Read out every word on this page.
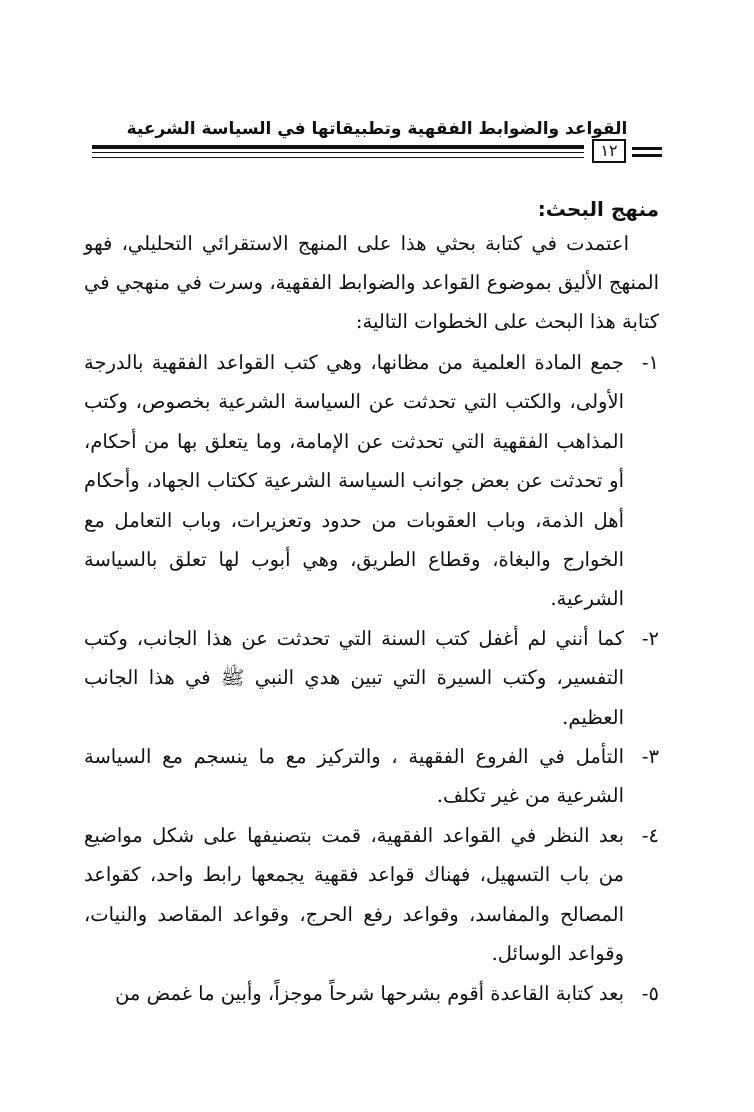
القواعد والضوابط الفقهية وتطبيقاتها في السياسة الشرعية
١٢
منهج البحث:

اعتمدت في كتابة بحثي هذا على المنهج الاستقرائي التحليلي، فهو المنهج الأليق بموضوع القواعد والضوابط الفقهية، وسرت في منهجي في كتابة هذا البحث على الخطوات التالية:

١-
جمع المادة العلمية من مظانها، وهي كتب القواعد الفقهية بالدرجة الأولى، والكتب التي تحدثت عن السياسة الشرعية بخصوص، وكتب المذاهب الفقهية التي تحدثت عن الإمامة، وما يتعلق بها من أحكام، أو تحدثت عن بعض جوانب السياسة الشرعية ككتاب الجهاد، وأحكام أهل الذمة، وباب العقوبات من حدود وتعزيرات، وباب التعامل مع الخوارج والبغاة، وقطاع الطريق، وهي أبوب لها تعلق بالسياسة الشرعية.
٢-
كما أنني لم أغفل كتب السنة التي تحدثت عن هذا الجانب، وكتب التفسير، وكتب السيرة التي تبين هدي النبي ﷺ في هذا الجانب العظيم.
٣-
التأمل في الفروع الفقهية ، والتركيز مع ما ينسجم مع السياسة الشرعية من غير تكلف.
٤-
بعد النظر في القواعد الفقهية، قمت بتصنيفها على شكل مواضيع من باب التسهيل، فهناك قواعد فقهية يجمعها رابط واحد، كقواعد المصالح والمفاسد، وقواعد رفع الحرج، وقواعد المقاصد والنيات، وقواعد الوسائل.
٥-
بعد كتابة القاعدة أقوم بشرحها شرحاً موجزاً، وأبين ما غمض من
